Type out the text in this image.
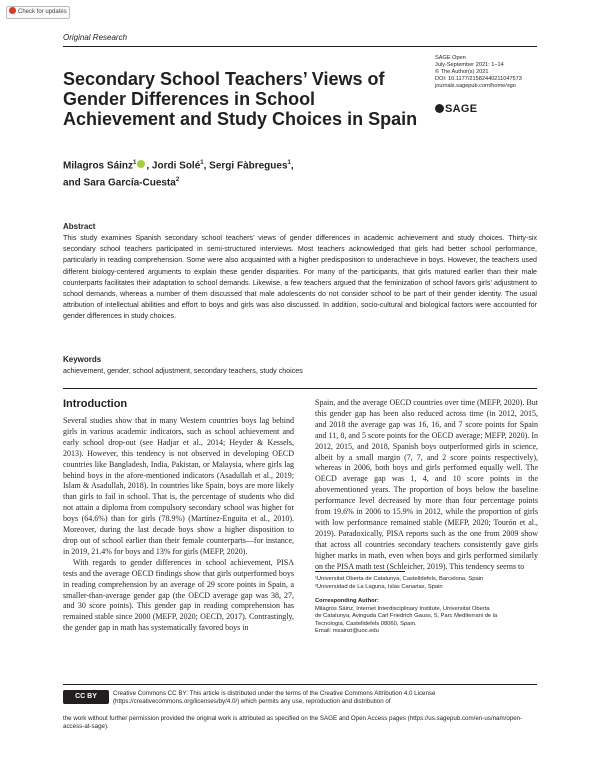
Check for updates
Original Research
Secondary School Teachers’ Views of Gender Differences in School Achievement and Study Choices in Spain
SAGE Open
July-September 2021: 1–14
© The Author(s) 2021
DOI: 10.1177/21582440211047573
journals.sagepub.com/home/sgo
SAGE
Milagros Sáinz$^1$ , Jordi Solé$^1$, Sergi Fàbregues$^1$,
and Sara García-Cuesta$^2$
Abstract
This study examines Spanish secondary school teachers’ views of gender differences in academic achievement and study choices. Thirty-six secondary school teachers participated in semi-structured interviews. Most teachers acknowledged that girls had better school performance, particularly in reading comprehension. Some were also acquainted with a higher predisposition to underachieve in boys. However, the teachers used different biology-centered arguments to explain these gender disparities. For many of the participants, that girls matured earlier than their male counterparts facilitates their adaptation to school demands. Likewise, a few teachers argued that the feminization of school favors girls’ adjustment to school demands, whereas a number of them discussed that male adolescents do not consider school to be part of their gender identity. The usual attribution of intellectual abilities and effort to boys and girls was also discussed. In addition, socio-cultural and biological factors were accounted for gender differences in study choices.
Keywords
achievement, gender, school adjustment, secondary teachers, study choices
Introduction

Several studies show that in many Western countries boys lag behind girls in various academic indicators, such as school achievement and early school drop-out (see Hadjar et al., 2014; Heyder & Kessels, 2013). However, this tendency is not observed in developing OECD countries like Bangladesh, India, Pakistan, or Malaysia, where girls lag behind boys in the afore-mentioned indicators (Asadullah et al., 2019; Islam & Asadullah, 2018). In countries like Spain, boys are more likely than girls to fail in school. That is, the percentage of students who did not attain a diploma from compulsory secondary school was higher for boys (64.6%) than for girls (78.9%) (Martínez-Enguita et al., 2010). Moreover, during the last decade boys show a higher disposition to drop out of school earlier than their female counterparts—for instance, in 2019, 21.4% for boys and 13% for girls (MEFP, 2020).

With regards to gender differences in school achievement, PISA tests and the average OECD findings show that girls outperformed boys in reading comprehension by an average of 29 score points in Spain, a smaller-than-average gender gap (the OECD average gap was 38, 27, and 30 score points). This gender gap in reading comprehension has remained stable since 2000 (MEFP, 2020; OECD, 2017). Contrastingly, the gender gap in math has systematically favored boys in

Spain, and the average OECD countries over time (MEFP, 2020). But this gender gap has been also reduced across time (in 2012, 2015, and 2018 the average gap was 16, 16, and 7 score points for Spain and 11, 8, and 5 score points for the OECD average; MEFP, 2020). In 2012, 2015, and 2018, Spanish boys outperformed girls in science, albeit by a small margin (7, 7, and 2 score points respectively), whereas in 2006, both boys and girls performed equally well. The OECD average gap was 1, 4, and 10 score points in the abovementioned years. The proportion of boys below the baseline performance level decreased by more than four percentage points from 19.6% in 2006 to 15.9% in 2012, while the proportion of girls with low performance remained stable (MEFP, 2020; Tourón et al., 2019). Paradoxically, PISA reports such as the one from 2009 show that across all countries secondary teachers consistently gave girls higher marks in math, even when boys and girls performed similarly on the PISA math test (Schleicher, 2019). This tendency seems to
¹Universitat Oberta de Catalunya, Castelldefels, Barcelona, Spain
²Universidad de La Laguna, Islas Canarias, Spain
Corresponding Author:
Milagros Sáinz, Internet Interdisciplinary Institute, Universitat Oberta
de Catalunya, Avinguda Carl Friedrich Gauss, 5, Parc Mediterrani de la
Tecnologia, Castelldefels 08060, Spain.
Email: msainzi@uoc.edu
CC BY	Creative Commons CC BY: This article is distributed under the terms of the Creative Commons Attribution 4.0 License (https://creativecommons.org/licenses/by/4.0/) which permits any use, reproduction and distribution of
the work without further permission provided the original work is attributed as specified on the SAGE and Open Access pages (https://us.sagepub.com/en-us/nam/open-access-at-sage).
